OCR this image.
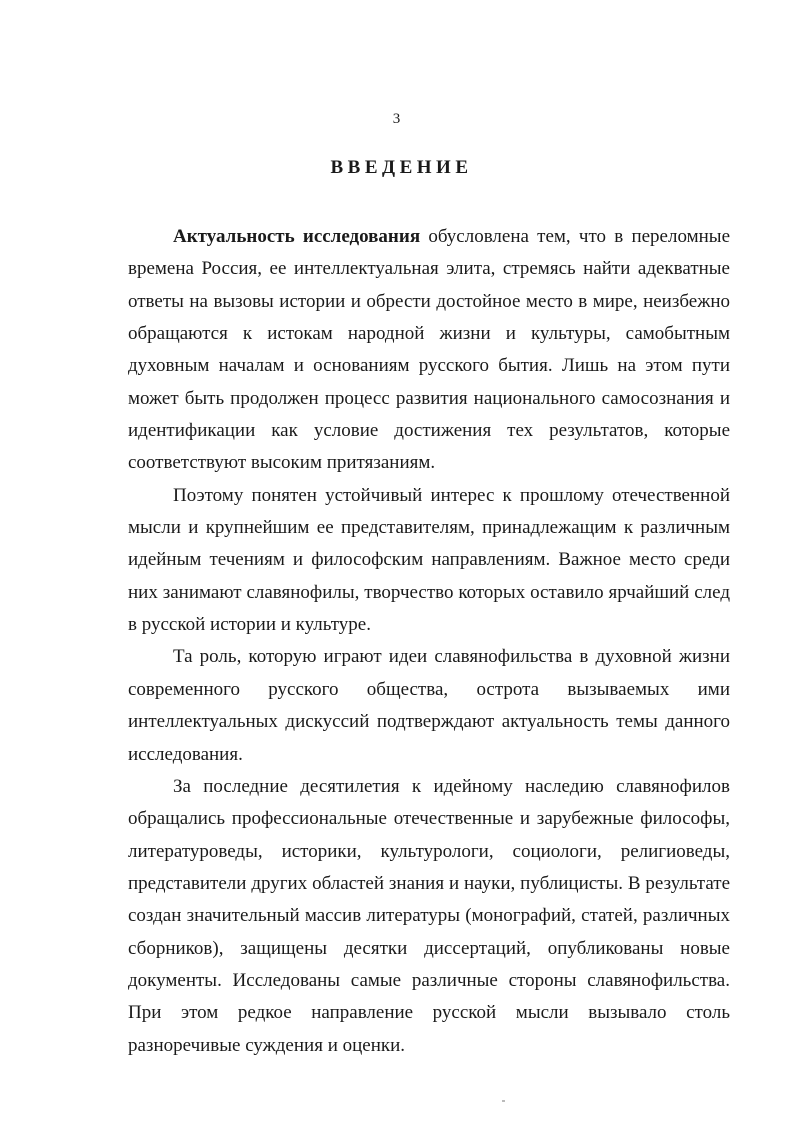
3
ВВЕДЕНИЕ
Актуальность исследования обусловлена тем, что в переломные
времена Россия, ее интеллектуальная элита, стремясь найти адекватные
ответы на вызовы истории и обрести достойное место в мире, неизбежно
обращаются к истокам народной жизни и культуры, самобытным
духовным началам и основаниям русского бытия. Лишь на этом пути
может быть продолжен процесс развития национального самосознания и
идентификации как условие достижения тех результатов, которые
соответствуют высоким притязаниям.
Поэтому понятен устойчивый интерес к прошлому отечественной
мысли и крупнейшим ее представителям, принадлежащим к различным
идейным течениям и философским направлениям. Важное место среди
них занимают славянофилы, творчество которых оставило ярчайший след
в русской истории и культуре.
Та роль, которую играют идеи славянофильства в духовной жизни
современного русского общества, острота вызываемых ими
интеллектуальных дискуссий подтверждают актуальность темы данного
исследования.
За последние десятилетия к идейному наследию славянофилов
обращались профессиональные отечественные и зарубежные философы,
литературоведы, историки, культурологи, социологи, религиоведы,
представители других областей знания и науки, публицисты. В результате
создан значительный массив литературы (монографий, статей, различных
сборников), защищены десятки диссертаций, опубликованы новые
документы. Исследованы самые различные стороны славянофильства.
При этом редкое направление русской мысли вызывало столь
разноречивые суждения и оценки.
